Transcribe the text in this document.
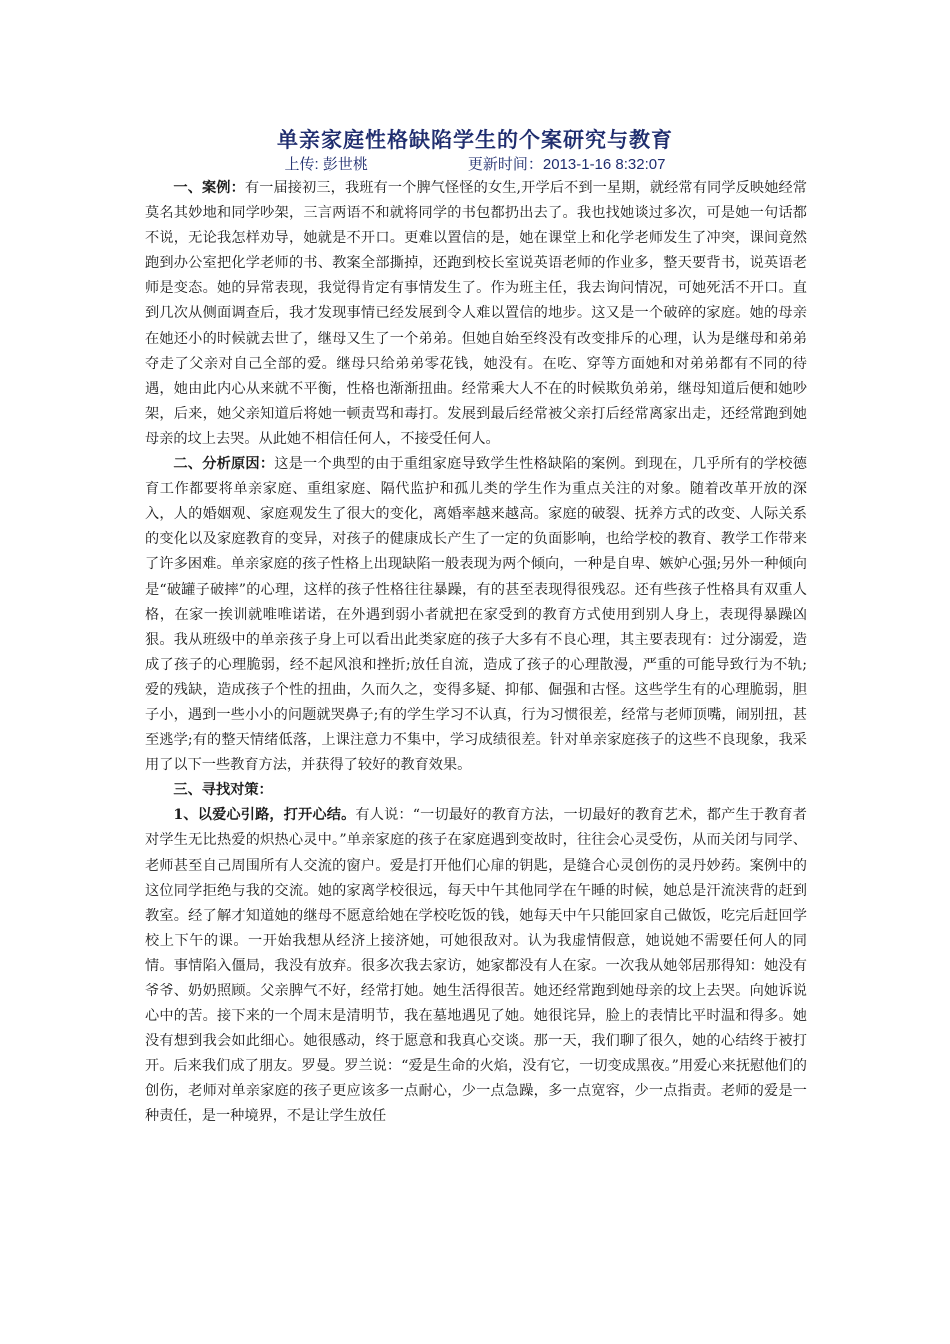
单亲家庭性格缺陷学生的个案研究与教育
上传: 彭世桃	更新时间：2013-1-16 8:32:07

一、案例：有一届接初三，我班有一个脾气怪怪的女生,开学后不到一星期，就经常有同学反映她经常莫名其妙地和同学吵架，三言两语不和就将同学的书包都扔出去了。我也找她谈过多次，可是她一句话都不说，无论我怎样劝导，她就是不开口。更难以置信的是，她在课堂上和化学老师发生了冲突，课间竟然跑到办公室把化学老师的书、教案全部撕掉，还跑到校长室说英语老师的作业多，整天要背书，说英语老师是变态。她的异常表现，我觉得肯定有事情发生了。作为班主任，我去询问情况，可她死活不开口。直到几次从侧面调查后，我才发现事情已经发展到令人难以置信的地步。这又是一个破碎的家庭。她的母亲在她还小的时候就去世了，继母又生了一个弟弟。但她自始至终没有改变排斥的心理，认为是继母和弟弟夺走了父亲对自己全部的爱。继母只给弟弟零花钱，她没有。在吃、穿等方面她和对弟弟都有不同的待遇，她由此内心从来就不平衡，性格也渐渐扭曲。经常乘大人不在的时候欺负弟弟，继母知道后便和她吵架，后来，她父亲知道后将她一顿责骂和毒打。发展到最后经常被父亲打后经常离家出走，还经常跑到她母亲的坟上去哭。从此她不相信任何人，不接受任何人。

二、分析原因：这是一个典型的由于重组家庭导致学生性格缺陷的案例。到现在，几乎所有的学校德育工作都要将单亲家庭、重组家庭、隔代监护和孤儿类的学生作为重点关注的对象。随着改革开放的深入，人的婚姻观、家庭观发生了很大的变化，离婚率越来越高。家庭的破裂、抚养方式的改变、人际关系的变化以及家庭教育的变异，对孩子的健康成长产生了一定的负面影响，也给学校的教育、教学工作带来了许多困难。单亲家庭的孩子性格上出现缺陷一般表现为两个倾向，一种是自卑、嫉妒心强;另外一种倾向是“破罐子破摔”的心理，这样的孩子性格往往暴躁，有的甚至表现得很残忍。还有些孩子性格具有双重人格，在家一挨训就唯唯诺诺，在外遇到弱小者就把在家受到的教育方式使用到别人身上，表现得暴躁凶狠。我从班级中的单亲孩子身上可以看出此类家庭的孩子大多有不良心理，其主要表现有：过分溺爱，造成了孩子的心理脆弱，经不起风浪和挫折;放任自流，造成了孩子的心理散漫，严重的可能导致行为不轨;爱的残缺，造成孩子个性的扭曲，久而久之，变得多疑、抑郁、倔强和古怪。这些学生有的心理脆弱，胆子小，遇到一些小小的问题就哭鼻子;有的学生学习不认真，行为习惯很差，经常与老师顶嘴，闹别扭，甚至逃学;有的整天情绪低落，上课注意力不集中，学习成绩很差。针对单亲家庭孩子的这些不良现象，我采用了以下一些教育方法，并获得了较好的教育效果。

三、寻找对策：

1、以爱心引路，打开心结。有人说：“一切最好的教育方法，一切最好的教育艺术，都产生于教育者对学生无比热爱的炽热心灵中。”单亲家庭的孩子在家庭遇到变故时，往往会心灵受伤，从而关闭与同学、老师甚至自己周围所有人交流的窗户。爱是打开他们心扉的钥匙，是缝合心灵创伤的灵丹妙药。案例中的这位同学拒绝与我的交流。她的家离学校很远，每天中午其他同学在午睡的时候，她总是汗流浃背的赶到教室。经了解才知道她的继母不愿意给她在学校吃饭的钱，她每天中午只能回家自己做饭，吃完后赶回学校上下午的课。一开始我想从经济上接济她，可她很敌对。认为我虚情假意，她说她不需要任何人的同情。事情陷入僵局，我没有放弃。很多次我去家访，她家都没有人在家。一次我从她邻居那得知：她没有爷爷、奶奶照顾。父亲脾气不好，经常打她。她生活得很苦。她还经常跑到她母亲的坟上去哭。向她诉说心中的苦。接下来的一个周末是清明节，我在墓地遇见了她。她很诧异，脸上的表情比平时温和得多。她没有想到我会如此细心。她很感动，终于愿意和我真心交谈。那一天，我们聊了很久，她的心结终于被打开。后来我们成了朋友。罗曼。罗兰说：“爱是生命的火焰，没有它，一切变成黑夜。”用爱心来抚慰他们的创伤，老师对单亲家庭的孩子更应该多一点耐心，少一点急躁，多一点宽容，少一点指责。老师的爱是一种责任，是一种境界，不是让学生放任
